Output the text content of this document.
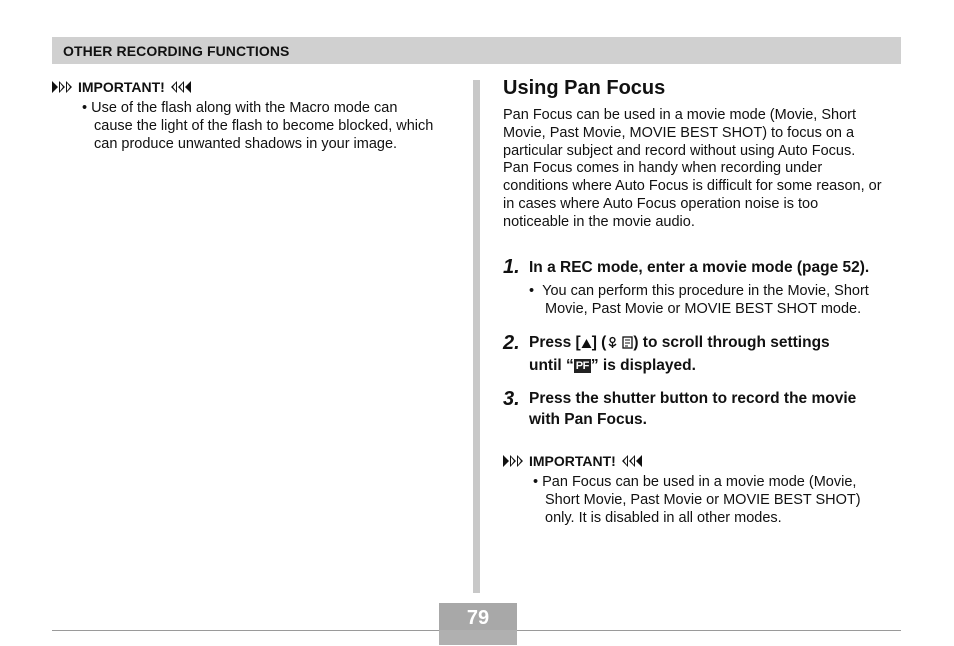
OTHER RECORDING FUNCTIONS
IMPORTANT!
• Use of the flash along with the Macro mode can
cause the light of the flash to become blocked, which
can produce unwanted shadows in your image.
Using Pan Focus
Pan Focus can be used in a movie mode (Movie, Short
Movie, Past Movie, MOVIE BEST SHOT) to focus on a
particular subject and record without using Auto Focus.
Pan Focus comes in handy when recording under
conditions where Auto Focus is difficult for some reason, or
in cases where Auto Focus operation noise is too
noticeable in the movie audio.
1. In a REC mode, enter a movie mode (page 52).
•  You can perform this procedure in the Movie, Short
Movie, Past Movie or MOVIE BEST SHOT mode.
2. Press [ ] ( ) to scroll through settings
until “ PF ” is displayed.
3. Press the shutter button to record the movie
with Pan Focus.
IMPORTANT!
• Pan Focus can be used in a movie mode (Movie,
Short Movie, Past Movie or MOVIE BEST SHOT)
only. It is disabled in all other modes.
79
